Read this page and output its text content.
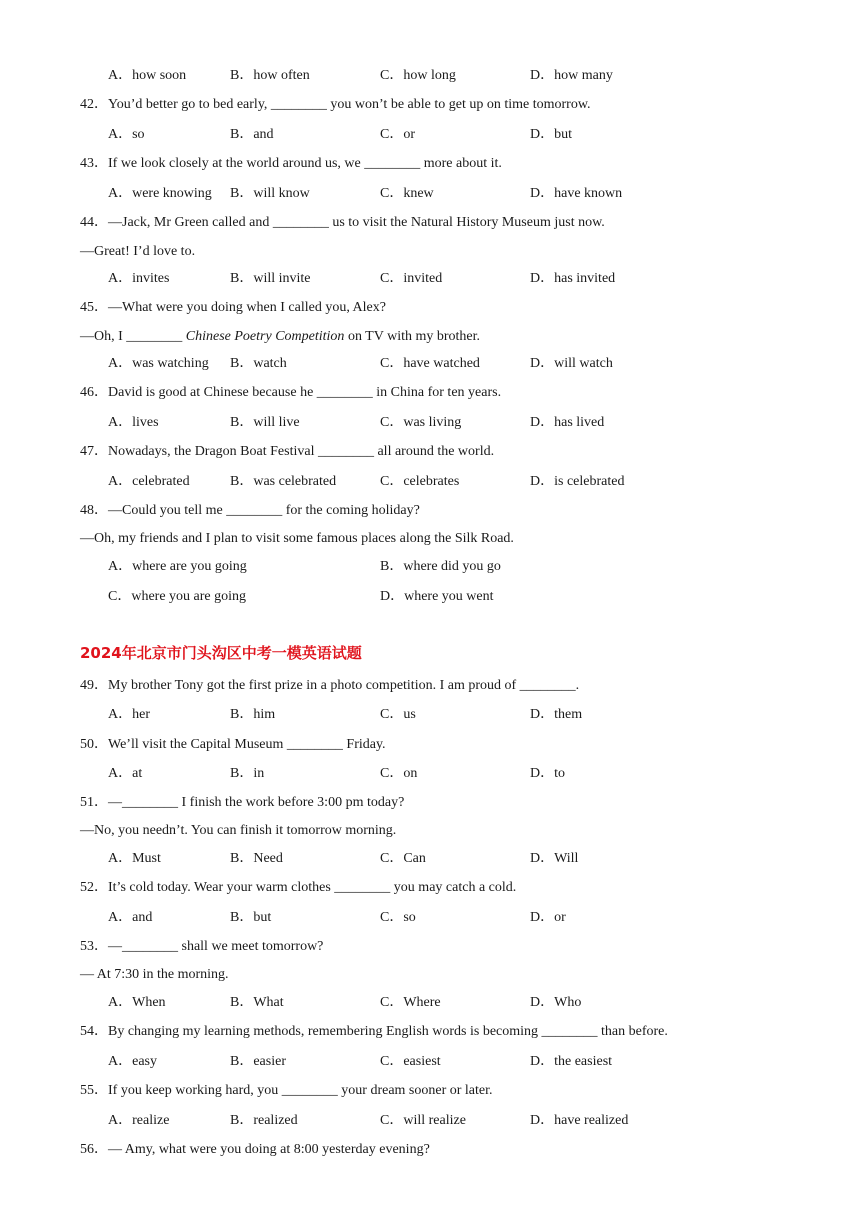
A．how soon	B．how often	C．how long	D．how many
42．You’d better go to bed early, ________ you won’t be able to get up on time tomorrow.
A．so	B．and	C．or	D．but
43．If we look closely at the world around us, we ________ more about it.
A．were knowing B．will know	C．knew	D．have known
44．—Jack, Mr Green called and ________ us to visit the Natural History Museum just now.
—Great! I’d love to.
A．invites	B．will invite	C．invited	D．has invited
45．—What were you doing when I called you, Alex?
—Oh, I ________ Chinese Poetry Competition on TV with my brother.
A．was watching B．watch	C．have watched	D．will watch
46．David is good at Chinese because he ________ in China for ten years.
A．lives	B．will live	C．was living	D．has lived
47．Nowadays, the Dragon Boat Festival ________ all around the world.
A．celebrated	B．was celebrated	C．celebrates	D．is celebrated
48．—Could you tell me ________ for the coming holiday?
—Oh, my friends and I plan to visit some famous places along the Silk Road.
A．where are you going	B．where did you go
C．where you are going	D．where you went
2024年北京市门头沟区中考一模英语试题
49．My brother Tony got the first prize in a photo competition. I am proud of ________.
A．her	B．him	C．us	D．them
50．We’ll visit the Capital Museum ________ Friday.
A．at	B．in	C．on	D．to
51．—________ I finish the work before 3:00 pm today?
—No, you needn’t. You can finish it tomorrow morning.
A．Must	B．Need	C．Can	D．Will
52．It’s cold today. Wear your warm clothes ________ you may catch a cold.
A．and	B．but	C．so	D．or
53．—________ shall we meet tomorrow?
— At 7:30 in the morning.
A．When	B．What	C．Where	D．Who
54．By changing my learning methods, remembering English words is becoming ________ than before.
A．easy	B．easier	C．easiest	D．the easiest
55．If you keep working hard, you ________ your dream sooner or later.
A．realize	B．realized	C．will realize	D．have realized
56．— Amy, what were you doing at 8:00 yesterday evening?
